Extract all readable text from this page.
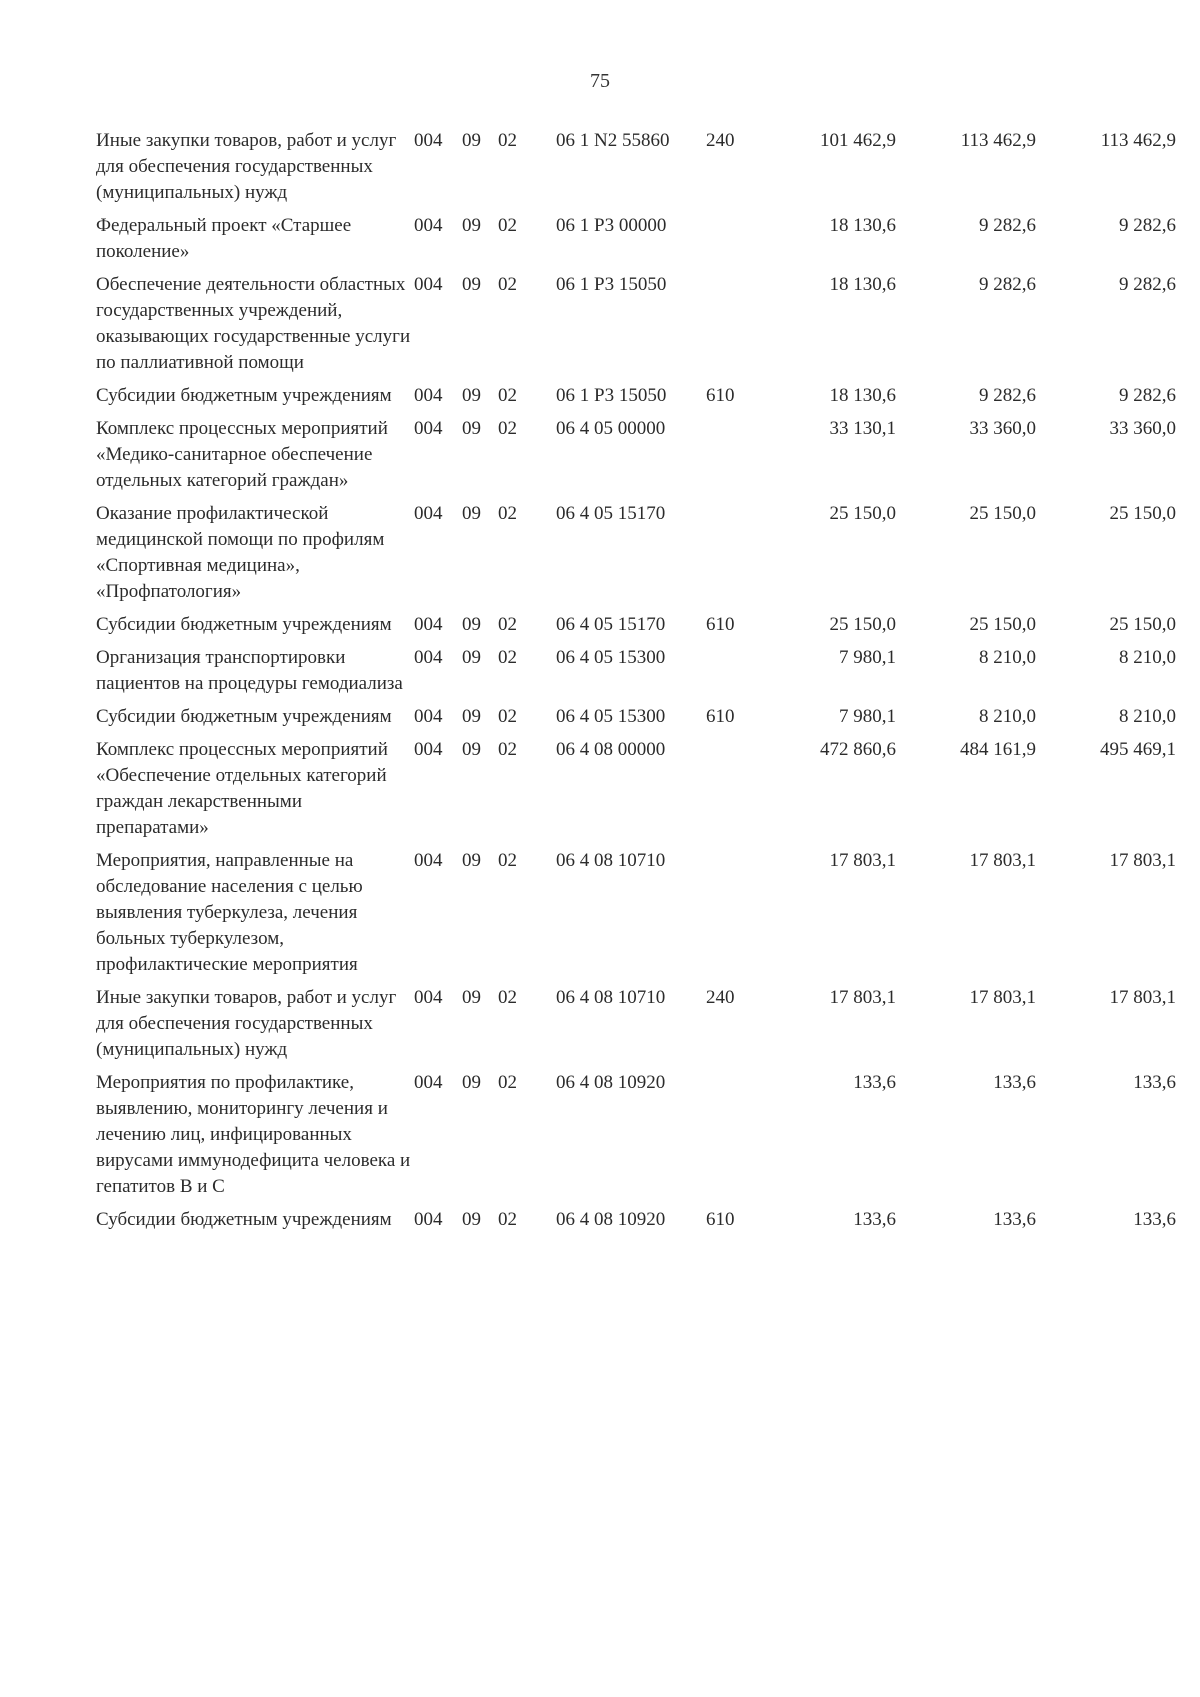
75
Иные закупки товаров, работ и услуг для обеспечения государственных (муниципальных) нужд
004	09 02	06 1 N2 55860	240	101 462,9	113 462,9	113 462,9
Федеральный проект «Старшее поколение»
004	09 02	06 1 P3 00000	18 130,6	9 282,6	9 282,6
Обеспечение деятельности областных государственных учреждений, оказывающих государственные услуги по паллиативной помощи
004	09 02	06 1 P3 15050	18 130,6	9 282,6	9 282,6
Субсидии бюджетным учреждениям	004	09 02	06 1 P3 15050	610	18 130,6	9 282,6	9 282,6
Комплекс процессных мероприятий «Медико-санитарное обеспечение отдельных категорий граждан»
004	09 02	06 4 05 00000	33 130,1	33 360,0	33 360,0
Оказание профилактической медицинской помощи по профилям «Спортивная медицина», «Профпатология»
004	09 02	06 4 05 15170	25 150,0	25 150,0	25 150,0
Субсидии бюджетным учреждениям	004	09 02	06 4 05 15170	610	25 150,0	25 150,0	25 150,0
Организация транспортировки пациентов на процедуры гемодиализа
004	09 02	06 4 05 15300	7 980,1	8 210,0	8 210,0
Субсидии бюджетным учреждениям	004	09 02	06 4 05 15300	610	7 980,1	8 210,0	8 210,0
Комплекс процессных мероприятий «Обеспечение отдельных категорий граждан лекарственными препаратами»
004	09 02	06 4 08 00000	472 860,6	484 161,9	495 469,1
Мероприятия, направленные на обследование населения с целью выявления туберкулеза, лечения больных туберкулезом, профилактические мероприятия
004	09 02	06 4 08 10710	17 803,1	17 803,1	17 803,1
Иные закупки товаров, работ и услуг для обеспечения государственных (муниципальных) нужд
004	09 02	06 4 08 10710	240	17 803,1	17 803,1	17 803,1
Мероприятия по профилактике, выявлению, мониторингу лечения и лечению лиц, инфицированных вирусами иммунодефицита человека и гепатитов В и С
004	09 02	06 4 08 10920	133,6	133,6	133,6
Субсидии бюджетным учреждениям	004	09 02	06 4 08 10920	610	133,6	133,6	133,6
